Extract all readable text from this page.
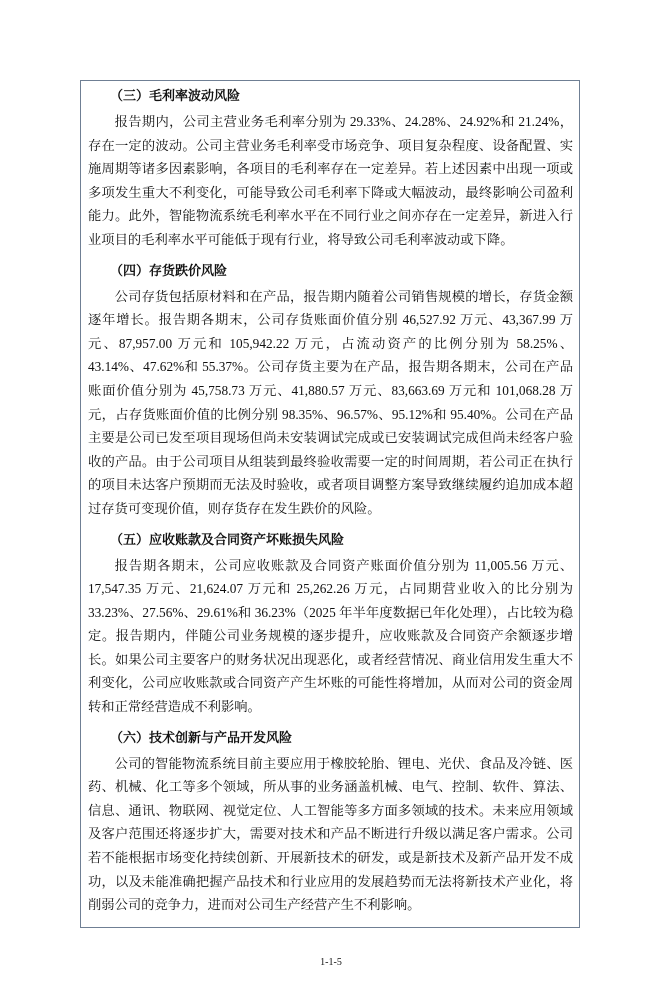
（三）毛利率波动风险

报告期内，公司主营业务毛利率分别为 29.33%、24.28%、24.92%和 21.24%，存在一定的波动。公司主营业务毛利率受市场竞争、项目复杂程度、设备配置、实施周期等诸多因素影响，各项目的毛利率存在一定差异。若上述因素中出现一项或多项发生重大不利变化，可能导致公司毛利率下降或大幅波动，最终影响公司盈利能力。此外，智能物流系统毛利率水平在不同行业之间亦存在一定差异，新进入行业项目的毛利率水平可能低于现有行业，将导致公司毛利率波动或下降。

（四）存货跌价风险

公司存货包括原材料和在产品，报告期内随着公司销售规模的增长，存货金额逐年增长。报告期各期末，公司存货账面价值分别 46,527.92 万元、43,367.99 万元、87,957.00 万元和 105,942.22 万元，占流动资产的比例分别为 58.25%、43.14%、47.62%和 55.37%。公司存货主要为在产品，报告期各期末，公司在产品账面价值分别为 45,758.73 万元、41,880.57 万元、83,663.69 万元和 101,068.28 万元，占存货账面价值的比例分别 98.35%、96.57%、95.12%和 95.40%。公司在产品主要是公司已发至项目现场但尚未安装调试完成或已安装调试完成但尚未经客户验收的产品。由于公司项目从组装到最终验收需要一定的时间周期，若公司正在执行的项目未达客户预期而无法及时验收，或者项目调整方案导致继续履约追加成本超过存货可变现价值，则存货存在发生跌价的风险。

（五）应收账款及合同资产坏账损失风险

报告期各期末，公司应收账款及合同资产账面价值分别为 11,005.56 万元、17,547.35 万元、21,624.07 万元和 25,262.26 万元，占同期营业收入的比分别为 33.23%、27.56%、29.61%和 36.23%（2025 年半年度数据已年化处理），占比较为稳定。报告期内，伴随公司业务规模的逐步提升，应收账款及合同资产余额逐步增长。如果公司主要客户的财务状况出现恶化，或者经营情况、商业信用发生重大不利变化，公司应收账款或合同资产产生坏账的可能性将增加，从而对公司的资金周转和正常经营造成不利影响。

（六）技术创新与产品开发风险

公司的智能物流系统目前主要应用于橡胶轮胎、锂电、光伏、食品及冷链、医药、机械、化工等多个领域，所从事的业务涵盖机械、电气、控制、软件、算法、信息、通讯、物联网、视觉定位、人工智能等多方面多领域的技术。未来应用领域及客户范围还将逐步扩大，需要对技术和产品不断进行升级以满足客户需求。公司若不能根据市场变化持续创新、开展新技术的研发，或是新技术及新产品开发不成功，以及未能准确把握产品技术和行业应用的发展趋势而无法将新技术产业化，将削弱公司的竞争力，进而对公司生产经营产生不利影响。

1-1-5
